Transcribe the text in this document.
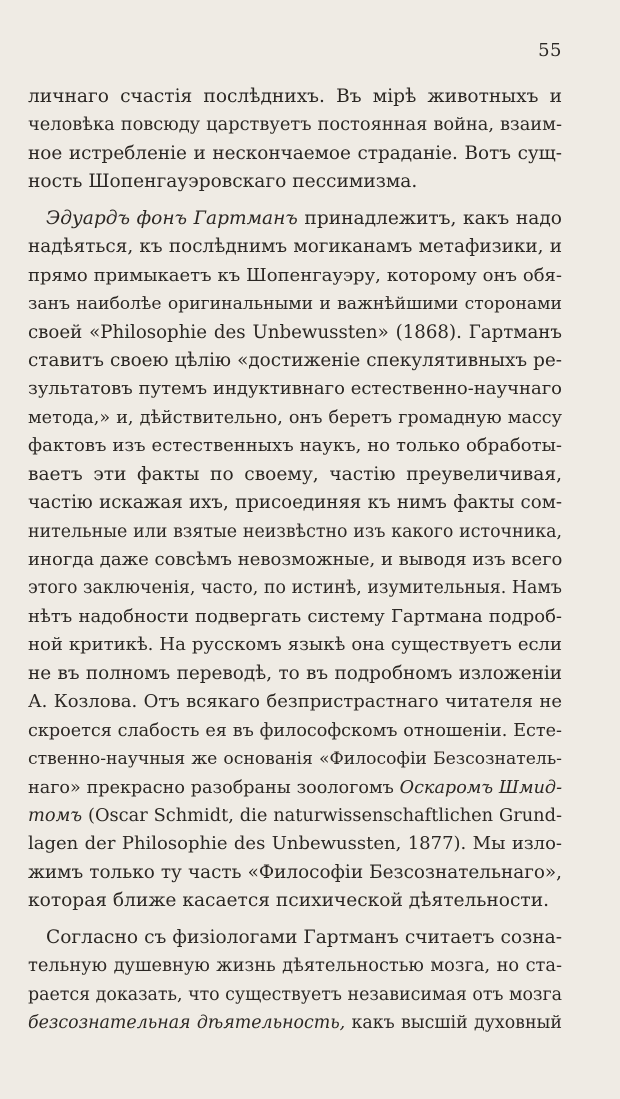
55
личнаго счастія послѣднихъ. Въ мірѣ животныхъ и
человѣка повсюду царствуетъ постоянная война, взаим-
ное истребленіе и нескончаемое страданіе. Вотъ сущ-
ность Шопенгауэровскаго пессимизма.
Эдуардъ фонъ Гартманъ принадлежитъ, какъ надо
надѣяться, къ послѣднимъ могиканамъ метафизики, и
прямо примыкаетъ къ Шопенгауэру, которому онъ обя-
занъ наиболѣе оригинальными и важнѣйшими сторонами
своей «Philosophie des Unbewussten» (1868). Гартманъ
ставитъ своею цѣлію «достиженіе спекулятивныхъ ре-
зультатовъ путемъ индуктивнаго естественно-научнаго
метода,» и, дѣйствительно, онъ беретъ громадную массу
фактовъ изъ естественныхъ наукъ, но только обработы-
ваетъ эти факты по своему, частію преувеличивая,
частію искажая ихъ, присоединяя къ нимъ факты сом-
нительные или взятые неизвѣстно изъ какого источника,
иногда даже совсѣмъ невозможные, и выводя изъ всего
этого заключенія, часто, по истинѣ, изумительныя. Намъ
нѣтъ надобности подвергать систему Гартмана подроб-
ной критикѣ. На русскомъ языкѣ она существуетъ если
не въ полномъ переводѣ, то въ подробномъ изложеніи
А. Козлова. Отъ всякаго безпристрастнаго читателя не
скроется слабость ея въ философскомъ отношеніи. Есте-
ственно-научныя же основанія «Философіи Безсознатель-
наго» прекрасно разобраны зоологомъ Оскаромъ Шмид-
томъ (Oscar Schmidt, die naturwissenschaftlichen Grund-
lagen der Philosophie des Unbewussten, 1877). Мы изло-
жимъ только ту часть «Философіи Безсознательнаго»,
которая ближе касается психической дѣятельности.
Согласно съ физіологами Гартманъ считаетъ созна-
тельную душевную жизнь дѣятельностью мозга, но ста-
рается доказать, что существуетъ независимая отъ мозга
безсознательная дѣятельность, какъ высшій духовный
